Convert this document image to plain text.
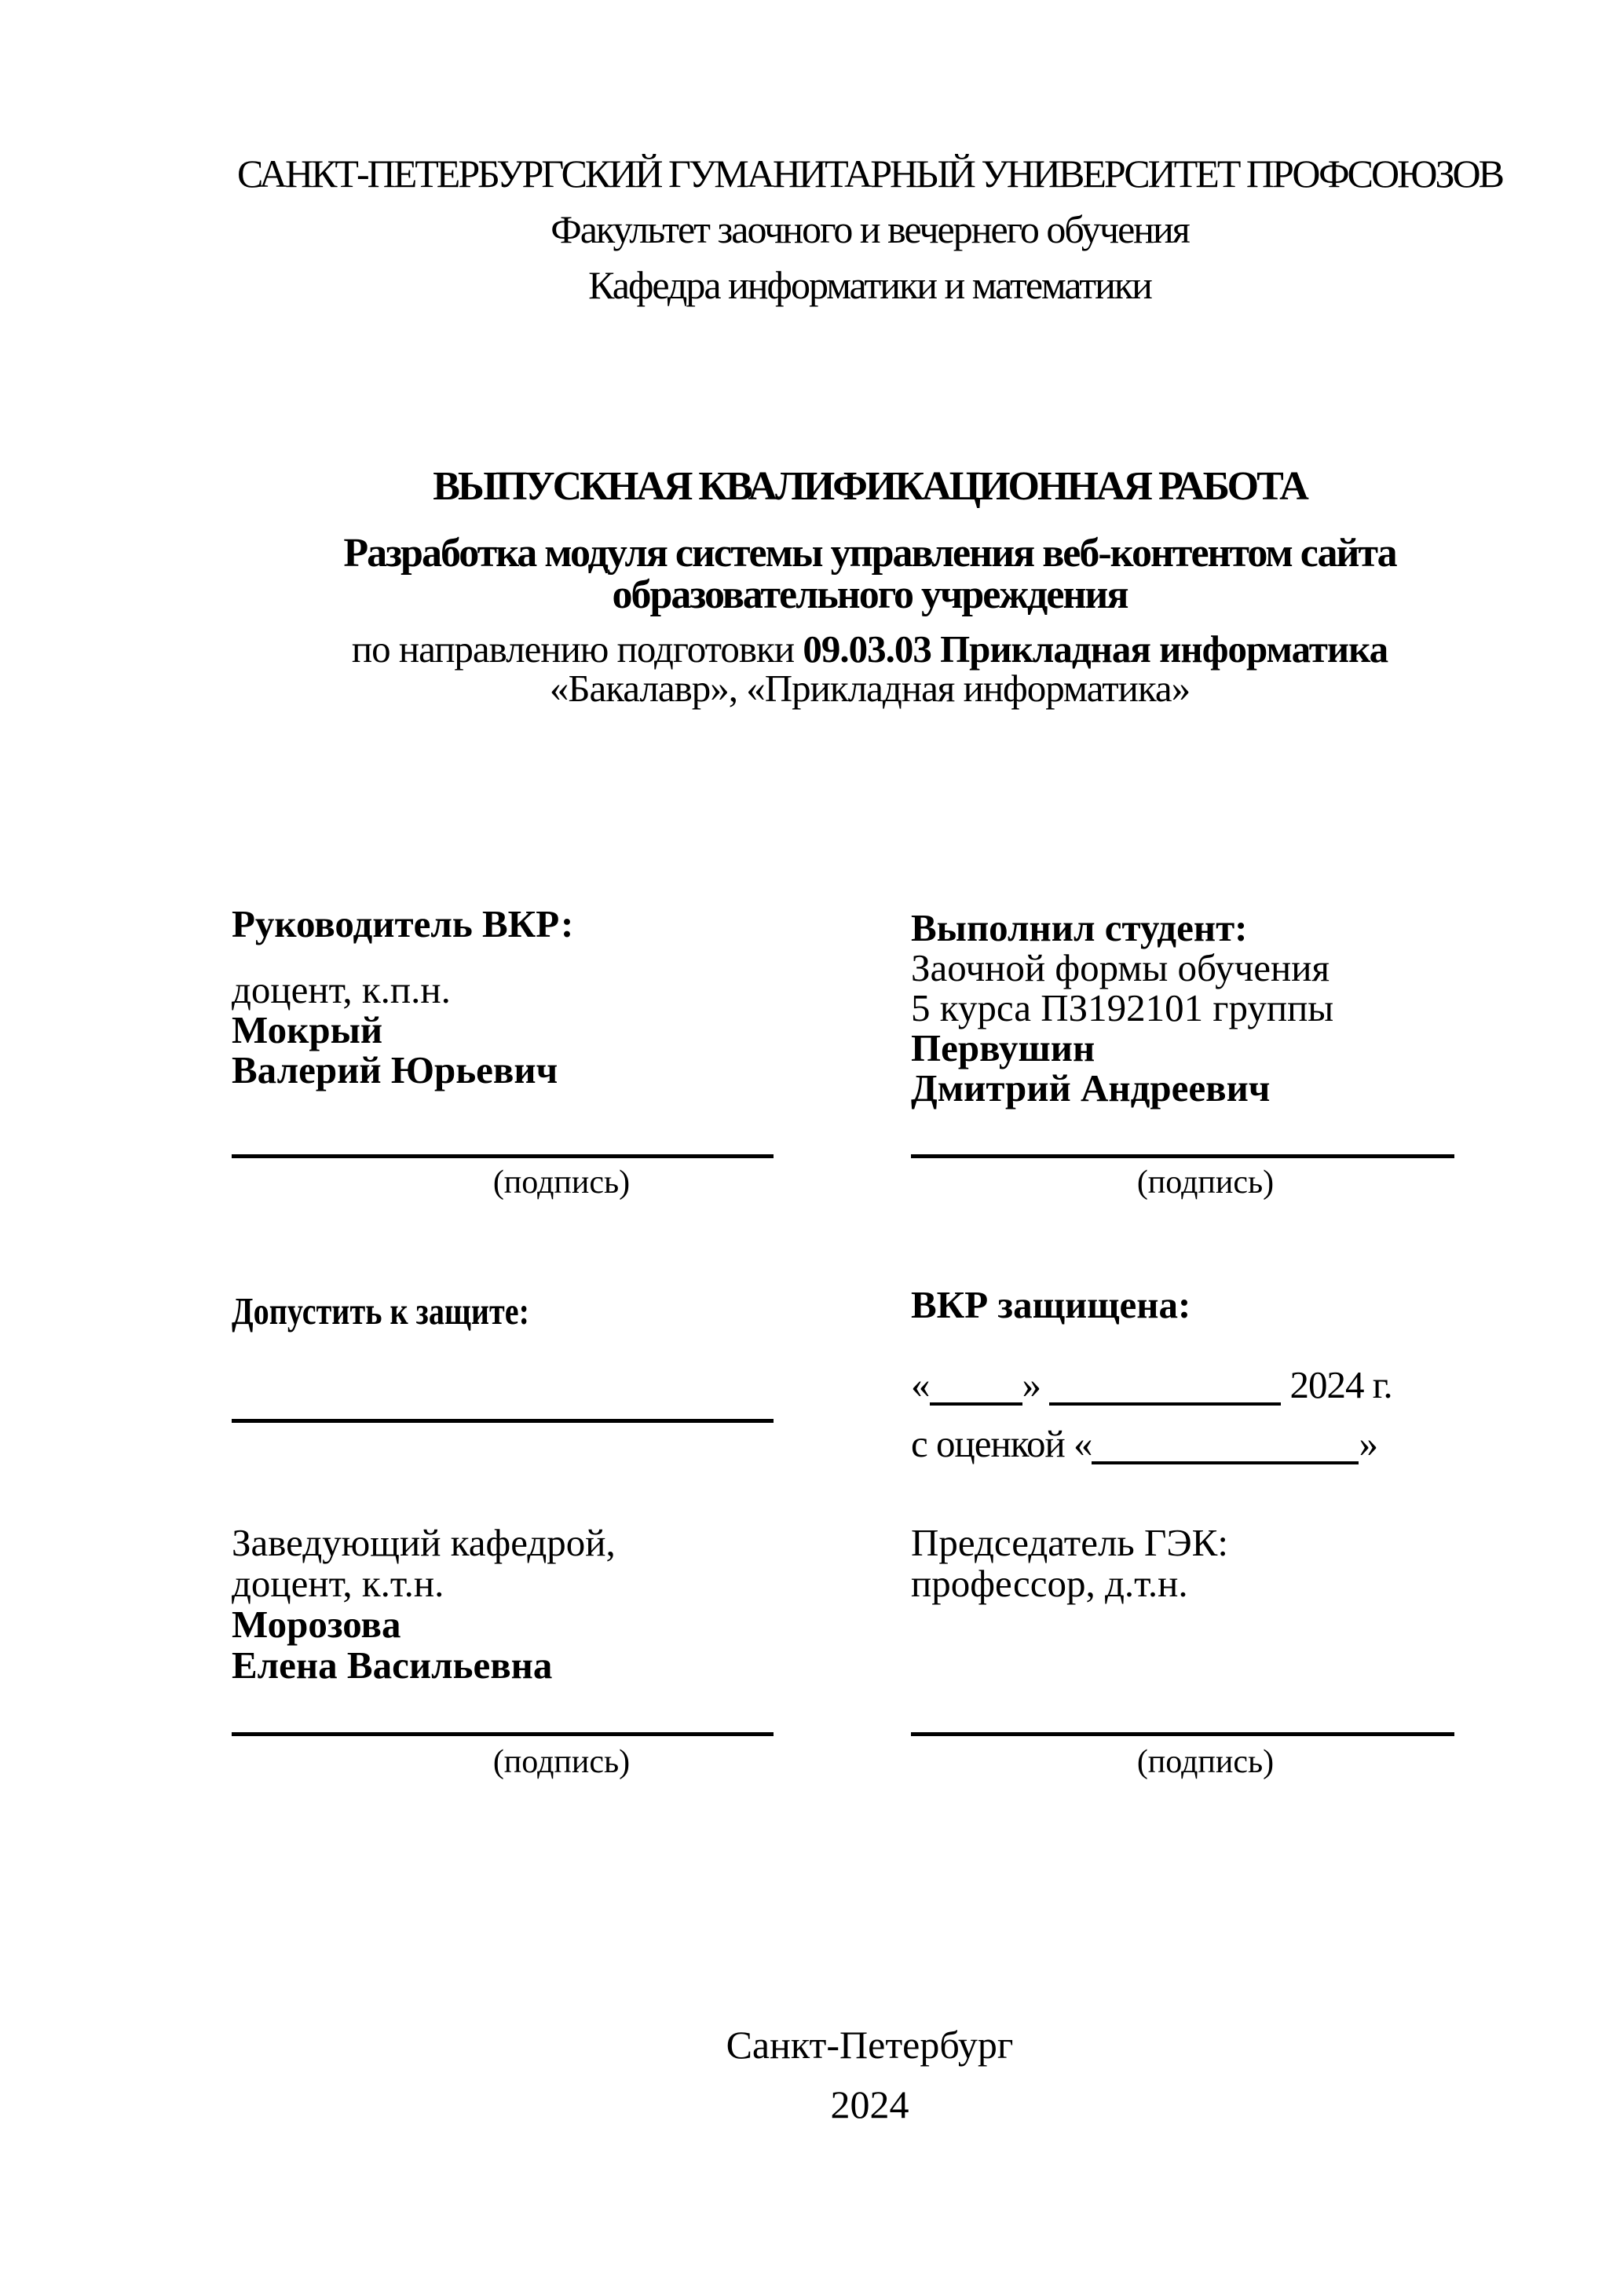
САНКТ-ПЕТЕРБУРГСКИЙ ГУМАНИТАРНЫЙ УНИВЕРСИТЕТ ПРОФСОЮЗОВ
Факультет заочного и вечернего обучения
Кафедра информатики и математики
ВЫПУСКНАЯ КВАЛИФИКАЦИОННАЯ РАБОТА
Разработка модуля системы управления веб-контентом сайта
образовательного учреждения
по направлению подготовки 09.03.03 Прикладная информатика
«Бакалавр», «Прикладная информатика»
Руководитель ВКР:
доцент, к.п.н.
Мокрый
Валерий Юрьевич
Выполнил студент:
Заочной формы обучения
5 курса ПЗ192101 группы
Первушин
Дмитрий Андреевич
(подпись)	(подпись)
Допустить к защите:	ВКР защищена:
« »	2024 г.
с оценкой «	»
Заведующий кафедрой,
доцент, к.т.н.
Морозова
Елена Васильевна
Председатель ГЭК:
профессор, д.т.н.
(подпись)	(подпись)
Санкт-Петербург
2024
